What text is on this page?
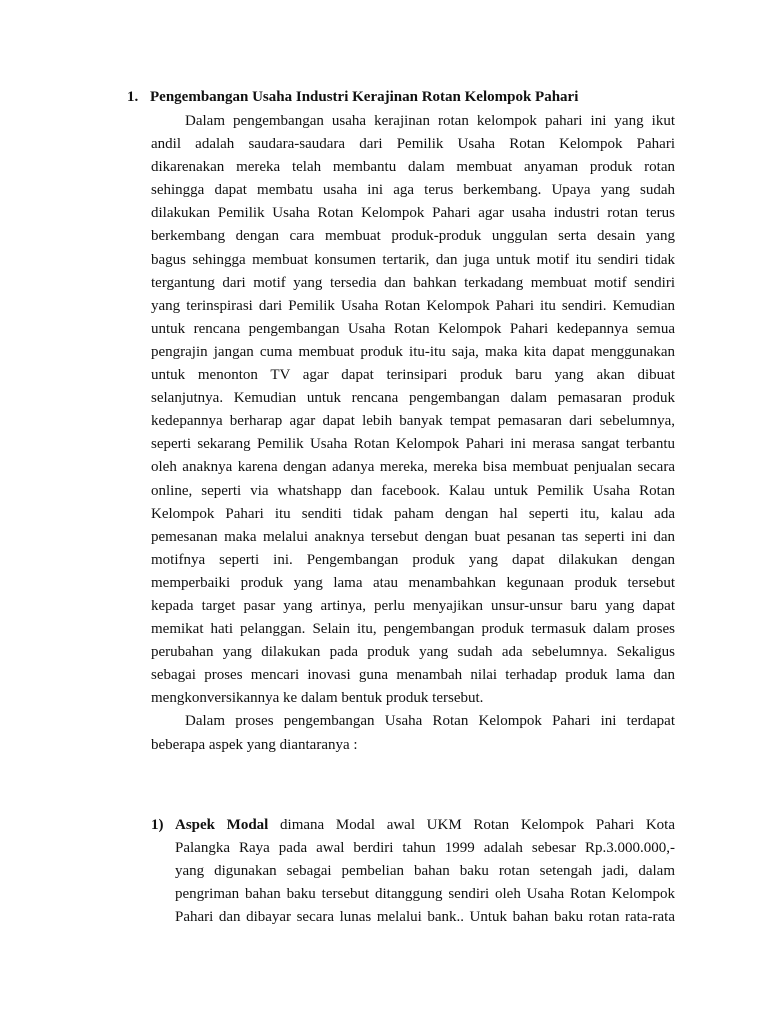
1. Pengembangan Usaha Industri Kerajinan Rotan Kelompok Pahari
Dalam pengembangan usaha kerajinan rotan kelompok pahari ini yang ikut
andil adalah saudara-saudara dari Pemilik Usaha Rotan Kelompok Pahari
dikarenakan mereka telah membantu dalam membuat anyaman produk rotan
sehingga dapat membatu usaha ini aga terus berkembang. Upaya yang sudah
dilakukan Pemilik Usaha Rotan Kelompok Pahari agar usaha industri rotan terus
berkembang dengan cara membuat produk-produk unggulan serta desain yang
bagus sehingga membuat konsumen tertarik, dan juga untuk motif itu sendiri tidak
tergantung dari motif yang tersedia dan bahkan terkadang membuat motif sendiri
yang terinspirasi dari Pemilik Usaha Rotan Kelompok Pahari itu sendiri. Kemudian
untuk rencana pengembangan Usaha Rotan Kelompok Pahari kedepannya semua
pengrajin jangan cuma membuat produk itu-itu saja, maka kita dapat menggunakan
untuk menonton TV agar dapat terinsipari produk baru yang akan dibuat
selanjutnya. Kemudian untuk rencana pengembangan dalam pemasaran produk
kedepannya berharap agar dapat lebih banyak tempat pemasaran dari sebelumnya,
seperti sekarang Pemilik Usaha Rotan Kelompok Pahari ini merasa sangat terbantu
oleh anaknya karena dengan adanya mereka, mereka bisa membuat penjualan secara
online, seperti via whatshapp dan facebook. Kalau untuk Pemilik Usaha Rotan
Kelompok Pahari itu senditi tidak paham dengan hal seperti itu, kalau ada
pemesanan maka melalui anaknya tersebut dengan buat pesanan tas seperti ini dan
motifnya seperti ini. Pengembangan produk yang dapat dilakukan dengan
memperbaiki produk yang lama atau menambahkan kegunaan produk tersebut
kepada target pasar yang artinya, perlu menyajikan unsur-unsur baru yang dapat
memikat hati pelanggan. Selain itu, pengembangan produk termasuk dalam proses
perubahan yang dilakukan pada produk yang sudah ada sebelumnya. Sekaligus
sebagai proses mencari inovasi guna menambah nilai terhadap produk lama dan
mengkonversikannya ke dalam bentuk produk tersebut.
Dalam proses pengembangan Usaha Rotan Kelompok Pahari ini terdapat
beberapa aspek yang diantaranya :
1) Aspek Modal dimana Modal awal UKM Rotan Kelompok Pahari Kota
Palangka Raya pada awal berdiri tahun 1999 adalah sebesar Rp.3.000.000,-
yang digunakan sebagai pembelian bahan baku rotan setengah jadi, dalam
pengriman bahan baku tersebut ditanggung sendiri oleh Usaha Rotan Kelompok
Pahari dan dibayar secara lunas melalui bank.. Untuk bahan baku rotan rata-rata
